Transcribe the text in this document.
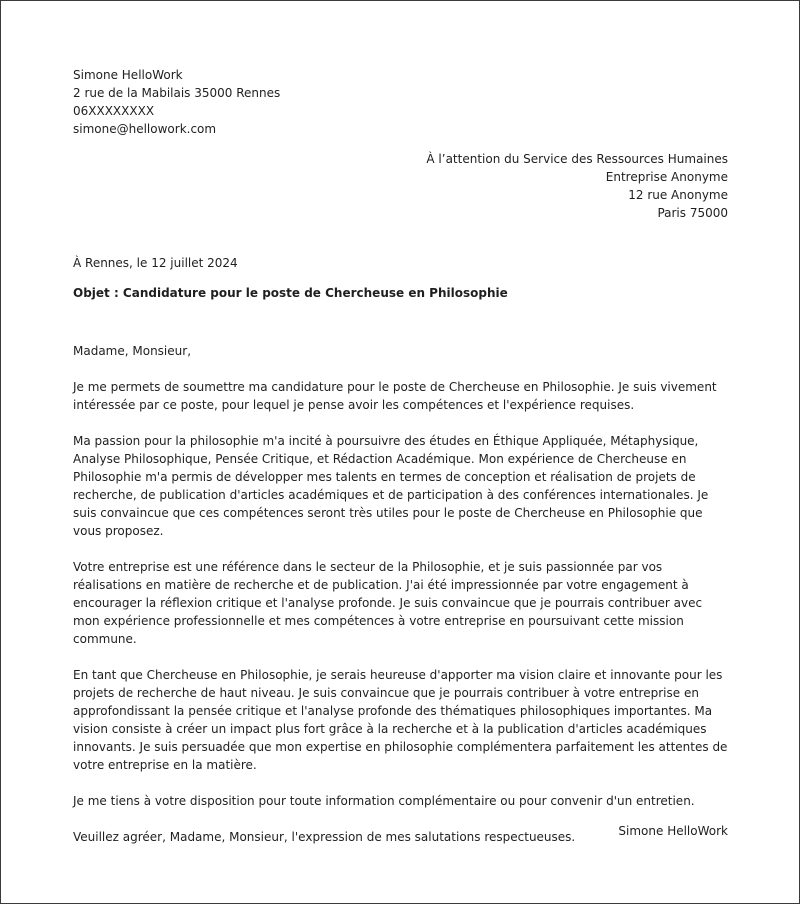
Simone HelloWork
2 rue de la Mabilais 35000 Rennes
06XXXXXXXX
simone@hellowork.com
À l’attention du Service des Ressources Humaines
Entreprise Anonyme
12 rue Anonyme
Paris 75000
À Rennes, le 12 juillet 2024
Objet : Candidature pour le poste de Chercheuse en Philosophie

Madame, Monsieur,

Je me permets de soumettre ma candidature pour le poste de Chercheuse en Philosophie. Je suis vivement intéressée par ce poste, pour lequel je pense avoir les compétences et l'expérience requises.

Ma passion pour la philosophie m'a incité à poursuivre des études en Éthique Appliquée, Métaphysique, Analyse Philosophique, Pensée Critique, et Rédaction Académique. Mon expérience de Chercheuse en Philosophie m'a permis de développer mes talents en termes de conception et réalisation de projets de recherche, de publication d'articles académiques et de participation à des conférences internationales. Je suis convaincue que ces compétences seront très utiles pour le poste de Chercheuse en Philosophie que vous proposez.

Votre entreprise est une référence dans le secteur de la Philosophie, et je suis passionnée par vos réalisations en matière de recherche et de publication. J'ai été impressionnée par votre engagement à encourager la réflexion critique et l'analyse profonde. Je suis convaincue que je pourrais contribuer avec mon expérience professionnelle et mes compétences à votre entreprise en poursuivant cette mission commune.

En tant que Chercheuse en Philosophie, je serais heureuse d'apporter ma vision claire et innovante pour les projets de recherche de haut niveau. Je suis convaincue que je pourrais contribuer à votre entreprise en approfondissant la pensée critique et l'analyse profonde des thématiques philosophiques importantes. Ma vision consiste à créer un impact plus fort grâce à la recherche et à la publication d'articles académiques innovants. Je suis persuadée que mon expertise en philosophie complémentera parfaitement les attentes de votre entreprise en la matière.

Je me tiens à votre disposition pour toute information complémentaire ou pour convenir d'un entretien.

Veuillez agréer, Madame, Monsieur, l'expression de mes salutations respectueuses.	Simone HelloWork
